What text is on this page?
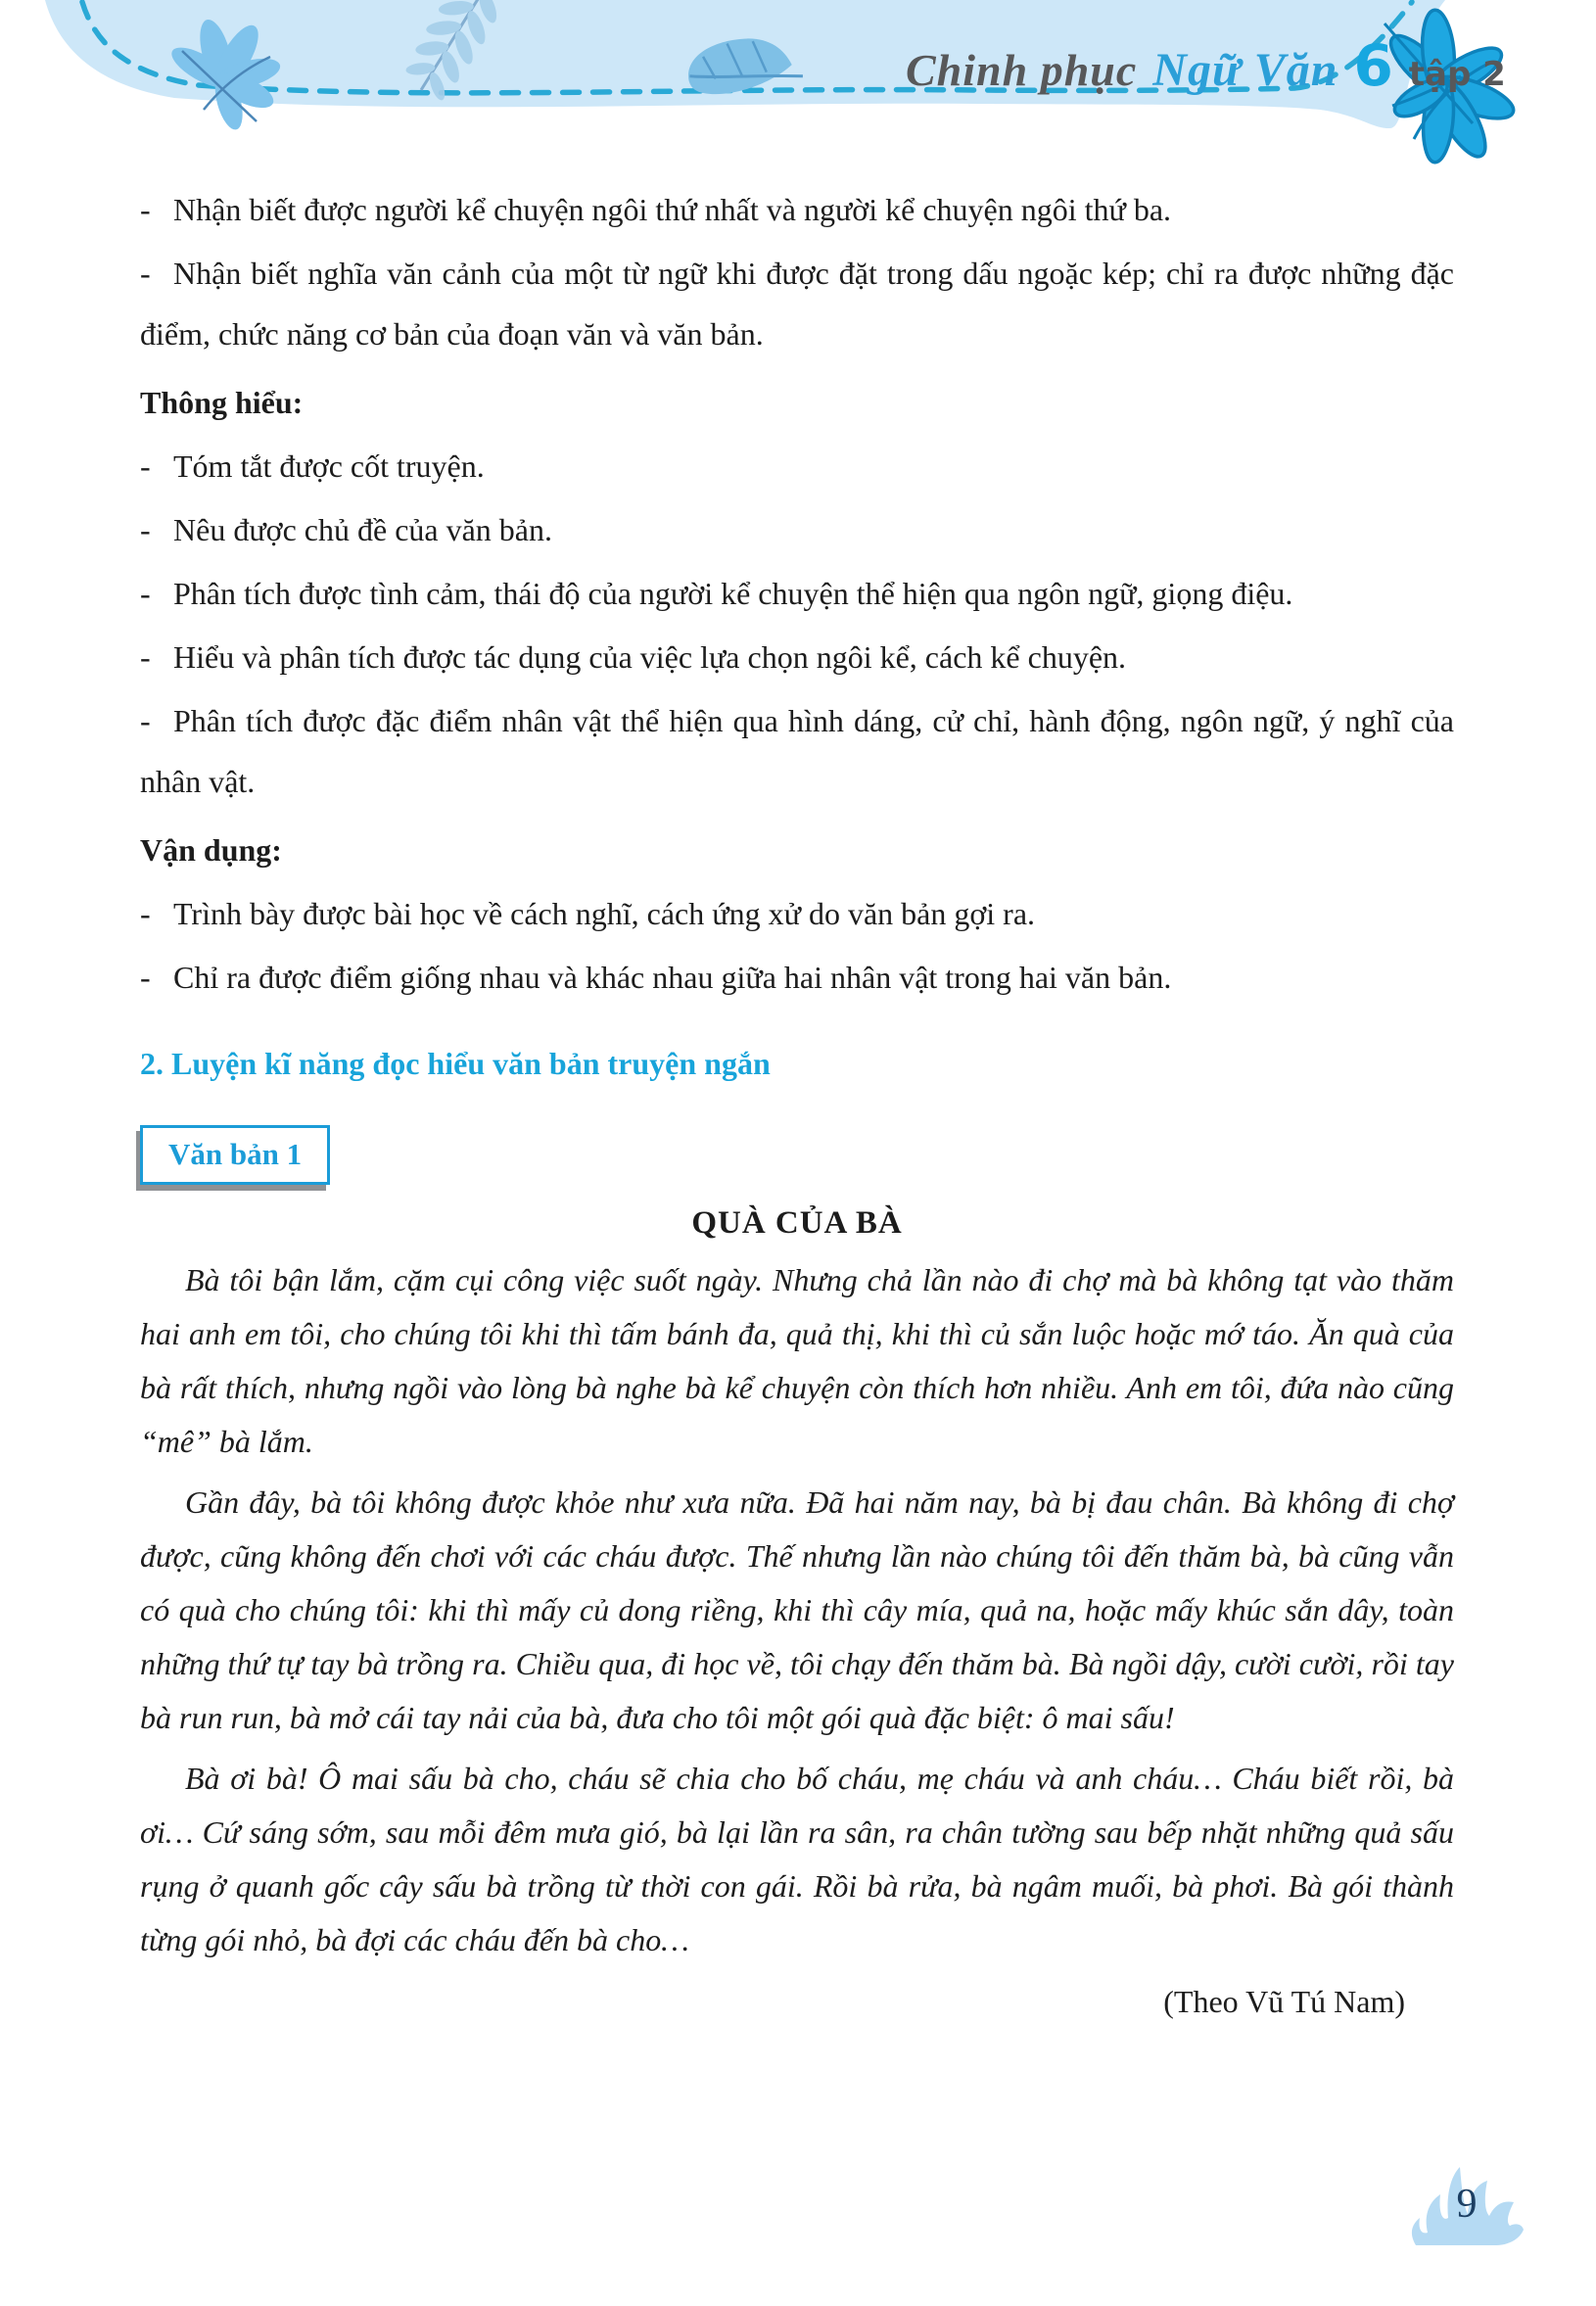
Chinh phục Ngữ Văn 6 tập 2

- Nhận biết được người kể chuyện ngôi thứ nhất và người kể chuyện ngôi thứ ba.

- Nhận biết nghĩa văn cảnh của một từ ngữ khi được đặt trong dấu ngoặc kép; chỉ ra được những đặc điểm, chức năng cơ bản của đoạn văn và văn bản.

Thông hiểu:

- Tóm tắt được cốt truyện.

- Nêu được chủ đề của văn bản.

- Phân tích được tình cảm, thái độ của người kể chuyện thể hiện qua ngôn ngữ, giọng điệu.

- Hiểu và phân tích được tác dụng của việc lựa chọn ngôi kể, cách kể chuyện.

- Phân tích được đặc điểm nhân vật thể hiện qua hình dáng, cử chỉ, hành động, ngôn ngữ, ý nghĩ của nhân vật.

Vận dụng:

- Trình bày được bài học về cách nghĩ, cách ứng xử do văn bản gợi ra.

- Chỉ ra được điểm giống nhau và khác nhau giữa hai nhân vật trong hai văn bản.

2. Luyện kĩ năng đọc hiểu văn bản truyện ngắn

Văn bản 1

QUÀ CỦA BÀ

Bà tôi bận lắm, cặm cụi công việc suốt ngày. Nhưng chả lần nào đi chợ mà bà không tạt vào thăm hai anh em tôi, cho chúng tôi khi thì tấm bánh đa, quả thị, khi thì củ sắn luộc hoặc mớ táo. Ăn quà của bà rất thích, nhưng ngồi vào lòng bà nghe bà kể chuyện còn thích hơn nhiều. Anh em tôi, đứa nào cũng “mê” bà lắm.

Gần đây, bà tôi không được khỏe như xưa nữa. Đã hai năm nay, bà bị đau chân. Bà không đi chợ được, cũng không đến chơi với các cháu được. Thế nhưng lần nào chúng tôi đến thăm bà, bà cũng vẫn có quà cho chúng tôi: khi thì mấy củ dong riềng, khi thì cây mía, quả na, hoặc mấy khúc sắn dây, toàn những thứ tự tay bà trồng ra. Chiều qua, đi học về, tôi chạy đến thăm bà. Bà ngồi dậy, cười cười, rồi tay bà run run, bà mở cái tay nải của bà, đưa cho tôi một gói quà đặc biệt: ô mai sấu!

Bà ơi bà! Ô mai sấu bà cho, cháu sẽ chia cho bố cháu, mẹ cháu và anh cháu… Cháu biết rồi, bà ơi… Cứ sáng sớm, sau mỗi đêm mưa gió, bà lại lần ra sân, ra chân tường sau bếp nhặt những quả sấu rụng ở quanh gốc cây sấu bà trồng từ thời con gái. Rồi bà rửa, bà ngâm muối, bà phơi. Bà gói thành từng gói nhỏ, bà đợi các cháu đến bà cho…

(Theo Vũ Tú Nam)

9
